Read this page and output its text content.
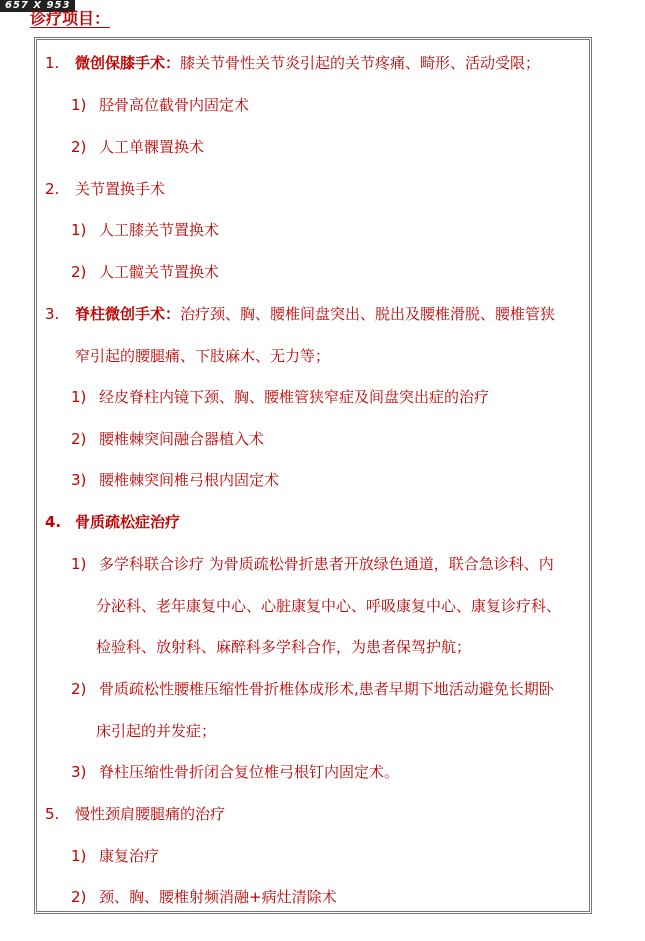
657 X 953
诊疗项目：
1.	微创保膝手术：膝关节骨性关节炎引起的关节疼痛、畸形、活动受限；
1) 胫骨高位截骨内固定术
2) 人工单髁置换术
2.	关节置换手术
1) 人工膝关节置换术
2) 人工髋关节置换术
3.	脊柱微创手术：治疗颈、胸、腰椎间盘突出、脱出及腰椎滑脱、腰椎管狭
窄引起的腰腿痛、下肢麻木、无力等；
1) 经皮脊柱内镜下颈、胸、腰椎管狭窄症及间盘突出症的治疗
2) 腰椎棘突间融合器植入术
3) 腰椎棘突间椎弓根内固定术
4. 骨质疏松症治疗
1) 多学科联合诊疗 为骨质疏松骨折患者开放绿色通道，联合急诊科、内
分泌科、老年康复中心、心脏康复中心、呼吸康复中心、康复诊疗科、
检验科、放射科、麻醉科多学科合作，为患者保驾护航；
2) 骨质疏松性腰椎压缩性骨折椎体成形术,患者早期下地活动避免长期卧
床引起的并发症；
3) 脊柱压缩性骨折闭合复位椎弓根钉内固定术。
5.	慢性颈肩腰腿痛的治疗
1) 康复治疗
2) 颈、胸、腰椎射频消融+病灶清除术
